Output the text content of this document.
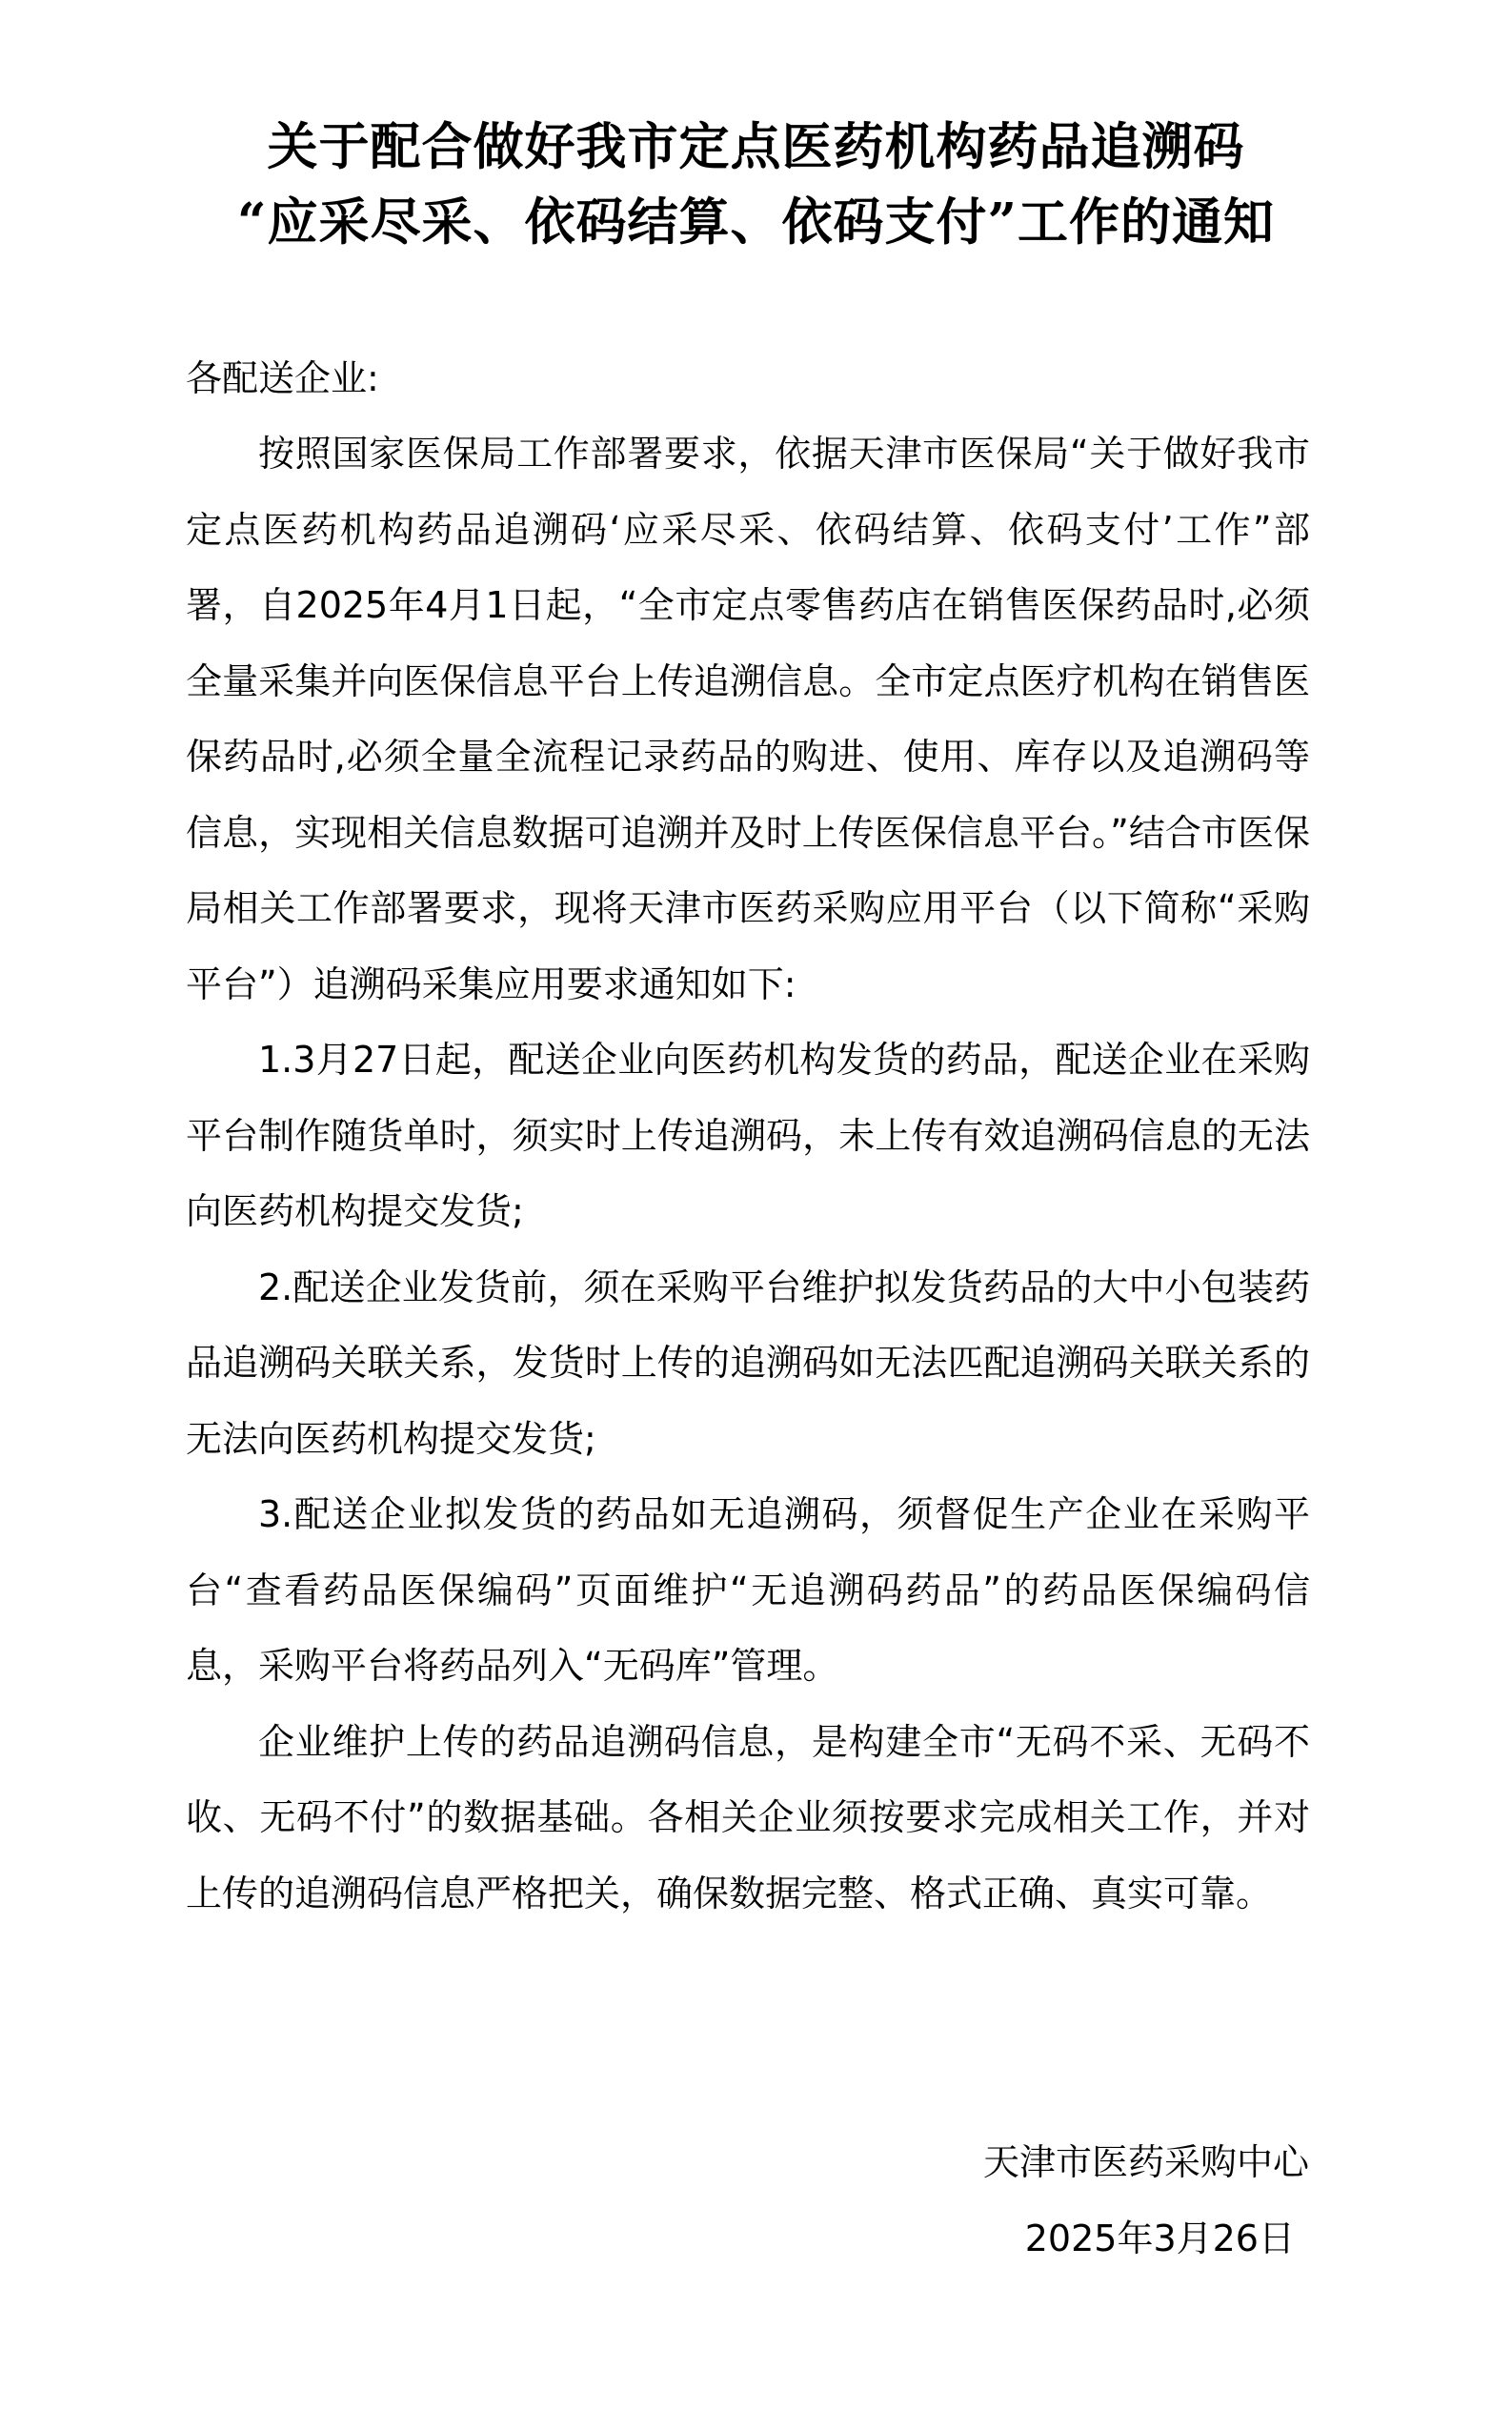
关于配合做好我市定点医药机构药品追溯码
“应采尽采、依码结算、依码支付”工作的通知
各配送企业:

按照国家医保局工作部署要求，依据天津市医保局“关于做好我市定点医药机构药品追溯码‘应采尽采、依码结算、依码支付’工作”部署，自2025年4月1日起，“全市定点零售药店在销售医保药品时,必须全量采集并向医保信息平台上传追溯信息。全市定点医疗机构在销售医保药品时,必须全量全流程记录药品的购进、使用、库存以及追溯码等信息，实现相关信息数据可追溯并及时上传医保信息平台。”结合市医保局相关工作部署要求，现将天津市医药采购应用平台（以下简称“采购平台”）追溯码采集应用要求通知如下:

1.3月27日起，配送企业向医药机构发货的药品，配送企业在采购平台制作随货单时，须实时上传追溯码，未上传有效追溯码信息的无法向医药机构提交发货;

2.配送企业发货前，须在采购平台维护拟发货药品的大中小包装药品追溯码关联关系，发货时上传的追溯码如无法匹配追溯码关联关系的无法向医药机构提交发货;

3.配送企业拟发货的药品如无追溯码，须督促生产企业在采购平台“查看药品医保编码”页面维护“无追溯码药品”的药品医保编码信息，采购平台将药品列入“无码库”管理。

企业维护上传的药品追溯码信息，是构建全市“无码不采、无码不收、无码不付”的数据基础。各相关企业须按要求完成相关工作，并对上传的追溯码信息严格把关，确保数据完整、格式正确、真实可靠。

天津市医药采购中心
2025年3月26日
